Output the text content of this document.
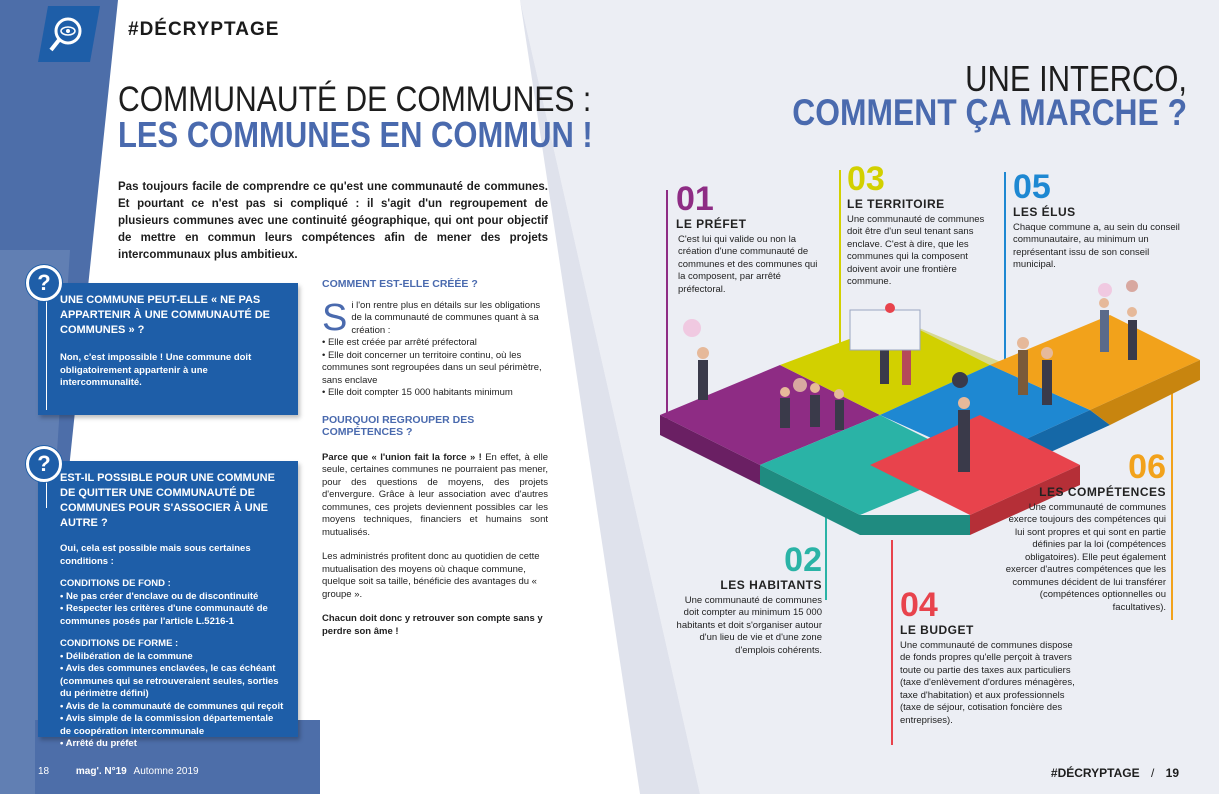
#DÉCRYPTAGE
COMMUNAUTÉ DE COMMUNES :
LES COMMUNES EN COMMUN !
Pas toujours facile de comprendre ce qu'est une communauté de communes. Et pourtant ce n'est pas si compliqué : il s'agit d'un regroupement de plusieurs communes avec une continuité géographique, qui ont pour objectif de mettre en commun leurs compétences afin de mener des projets intercommunaux plus ambitieux.
UNE COMMUNE PEUT-ELLE « NE PAS APPARTENIR À UNE COMMUNAUTÉ DE COMMUNES » ?

Non, c'est impossible ! Une commune doit obligatoirement appartenir à une intercommunalité.

?
EST-IL POSSIBLE POUR UNE COMMUNE DE QUITTER UNE COMMUNAUTÉ DE COMMUNES POUR S'ASSOCIER À UNE AUTRE ?

Oui, cela est possible mais sous certaines conditions :

CONDITIONS DE FOND :

• Ne pas créer d'enclave ou de discontinuité

• Respecter les critères d'une communauté de communes posés par l'article L.5216-1

CONDITIONS DE FORME :

• Délibération de la commune

• Avis des communes enclavées, le cas échéant (communes qui se retrouveraient seules, sorties du périmètre défini)

• Avis de la communauté de communes qui reçoit

• Avis simple de la commission départementale de coopération intercommunale

• Arrêté du préfet

?
COMMENT EST-ELLE CRÉÉE ?
S i l'on rentre plus en détails sur les obligations de la communauté de communes quant à sa création :

• Elle est créée par arrêté préfectoral

• Elle doit concerner un territoire continu, où les communes sont regroupées dans un seul périmètre, sans enclave

• Elle doit compter 15 000 habitants minimum

POURQUOI REGROUPER DES COMPÉTENCES ?

Parce que « l'union fait la force » ! En effet, à elle seule, certaines communes ne pourraient pas mener, pour des questions de moyens, des projets d'envergure. Grâce à leur association avec d'autres communes, ces projets deviennent possibles car les moyens techniques, financiers et humains sont mutualisés.

Les administrés profitent donc au quotidien de cette mutualisation des moyens où chaque commune, quelque soit sa taille, bénéficie des avantages du « groupe ».

Chacun doit donc y retrouver son compte sans y perdre son âme !

18	mag'. N°19 Automne 2019
UNE INTERCO,
COMMENT ÇA MARCHE ?
01
LE PRÉFET

C'est lui qui valide ou non la création d'une communauté de communes et des communes qui la composent, par arrêté préfectoral.

03
LE TERRITOIRE

Une communauté de communes doit être d'un seul tenant sans enclave. C'est à dire, que les communes qui la composent doivent avoir une frontière commune.

05
LES ÉLUS

Chaque commune a, au sein du conseil communautaire, au minimum un représentant issu de son conseil municipal.

06
LES COMPÉTENCES

Une communauté de communes exerce toujours des compétences qui lui sont propres et qui sont en partie définies par la loi (compétences obligatoires). Elle peut également exercer d'autres compétences que les communes décident de lui transférer (compétences optionnelles ou facultatives).

02
LES HABITANTS

Une communauté de communes doit compter au minimum 15 000 habitants et doit s'organiser autour d'un lieu de vie et d'une zone d'emplois cohérents.

04
LE BUDGET

Une communauté de communes dispose de fonds propres qu'elle perçoit à travers toute ou partie des taxes aux particuliers (taxe d'enlèvement d'ordures ménagères, taxe d'habitation) et aux professionnels (taxe de séjour, cotisation foncière des entreprises).

#DÉCRYPTAGE / 19
